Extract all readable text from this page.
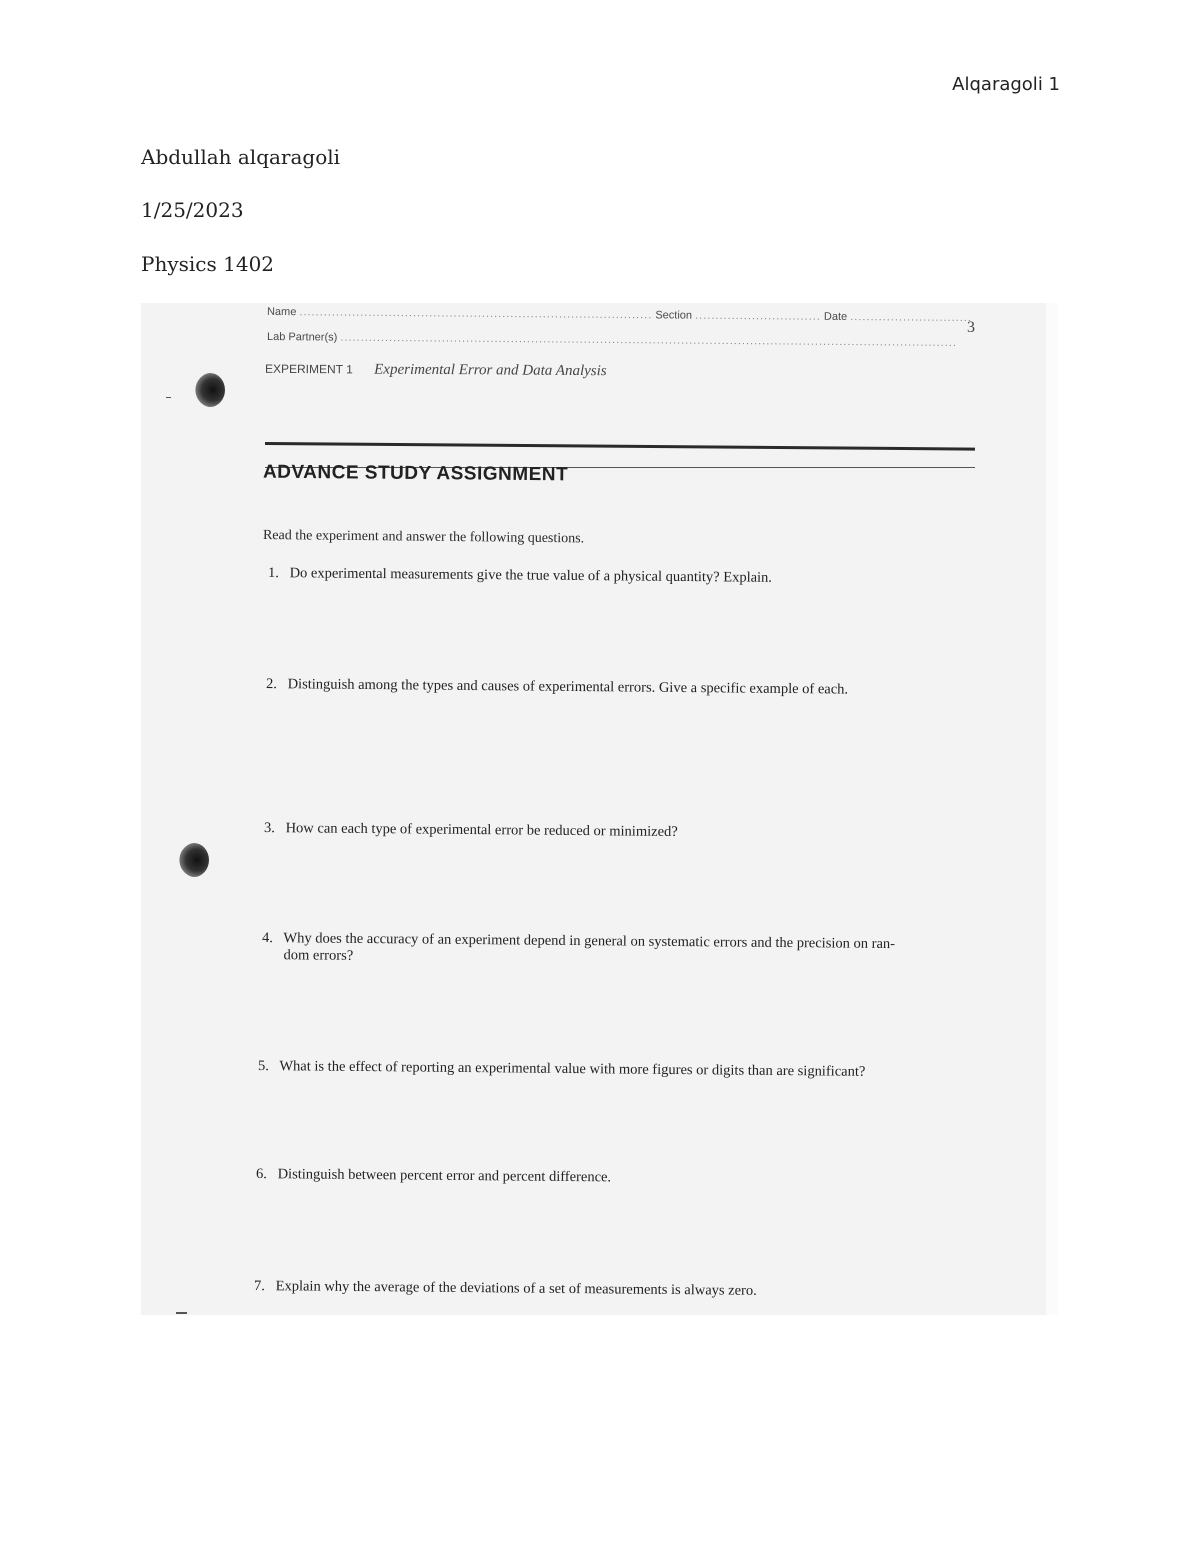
Alqaragoli 1
Abdullah alqaragoli
1/25/2023
Physics 1402
Name ....................................................................................... Section ............................... Date ..............................
3
Lab Partner(s) ........................................................................................................................................................
EXPERIMENT 1 Experimental Error and Data Analysis
ADVANCE STUDY ASSIGNMENT
Read the experiment and answer the following questions.
1. Do experimental measurements give the true value of a physical quantity? Explain.
2. Distinguish among the types and causes of experimental errors. Give a specific example of each.
3. How can each type of experimental error be reduced or minimized?
4. Why does the accuracy of an experiment depend in general on systematic errors and the precision on ran-
dom errors?
5. What is the effect of reporting an experimental value with more figures or digits than are significant?
6. Distinguish between percent error and percent difference.
7. Explain why the average of the deviations of a set of measurements is always zero.
